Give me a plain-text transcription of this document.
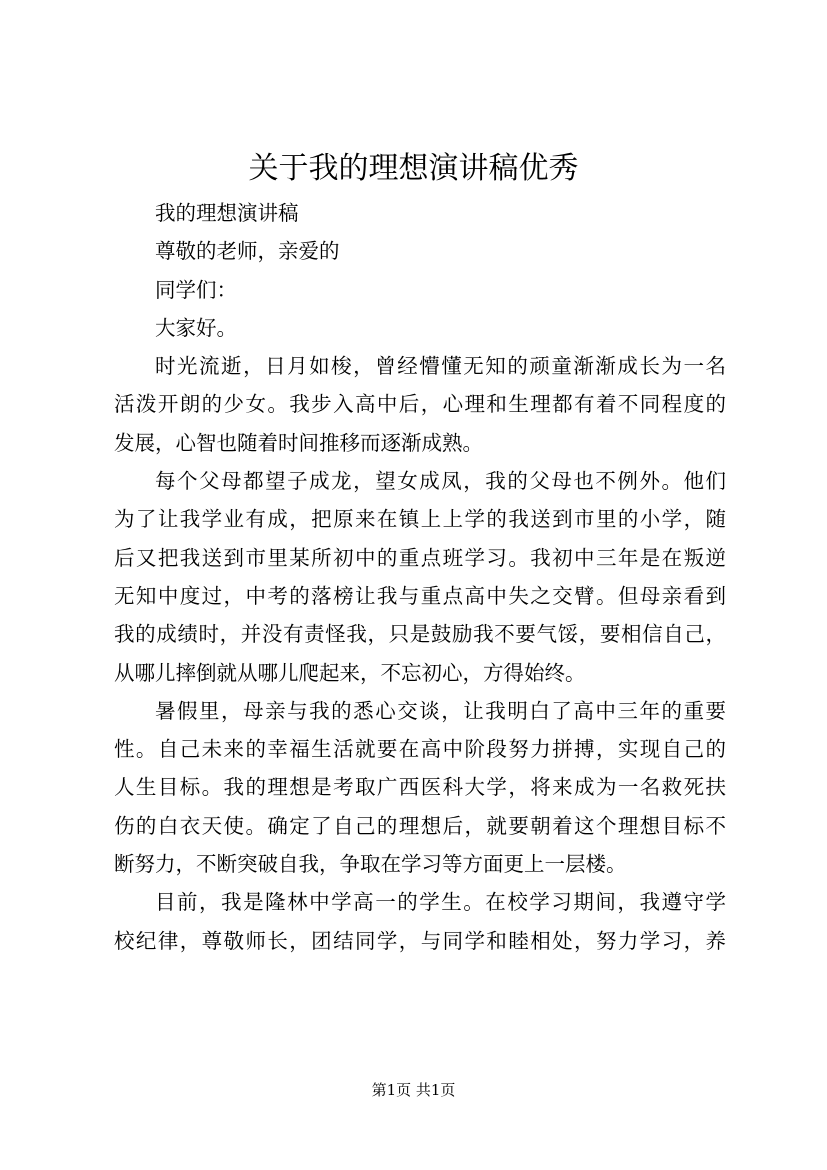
关于我的理想演讲稿优秀
我的理想演讲稿
尊敬的老师，亲爱的
同学们：
大家好。
时光流逝，日月如梭，曾经懵懂无知的顽童渐渐成长为一名
活泼开朗的少女。我步入高中后，心理和生理都有着不同程度的
发展，心智也随着时间推移而逐渐成熟。
每个父母都望子成龙，望女成凤，我的父母也不例外。他们
为了让我学业有成，把原来在镇上上学的我送到市里的小学，随
后又把我送到市里某所初中的重点班学习。我初中三年是在叛逆
无知中度过，中考的落榜让我与重点高中失之交臂。但母亲看到
我的成绩时，并没有责怪我，只是鼓励我不要气馁，要相信自己，
从哪儿摔倒就从哪儿爬起来，不忘初心，方得始终。
暑假里，母亲与我的悉心交谈，让我明白了高中三年的重要
性。自己未来的幸福生活就要在高中阶段努力拼搏，实现自己的
人生目标。我的理想是考取广西医科大学，将来成为一名救死扶
伤的白衣天使。确定了自己的理想后，就要朝着这个理想目标不
断努力，不断突破自我，争取在学习等方面更上一层楼。
目前，我是隆林中学高一的学生。在校学习期间，我遵守学
校纪律，尊敬师长，团结同学，与同学和睦相处，努力学习，养
第1页 共1页
